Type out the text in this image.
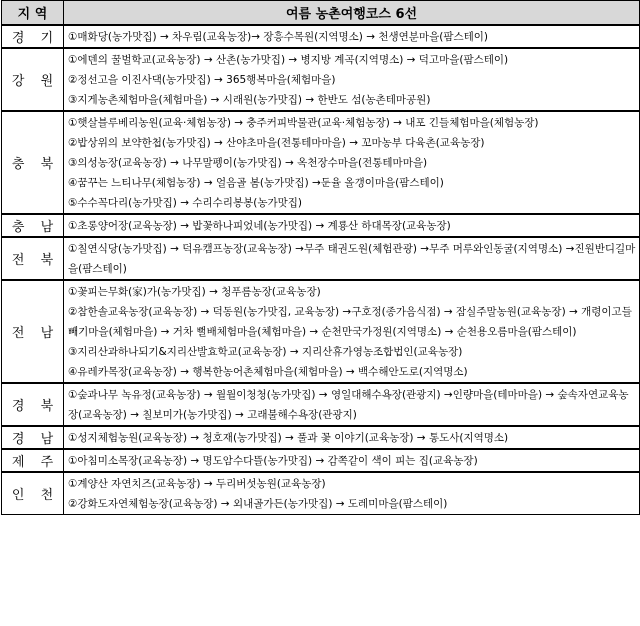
지 역	여름 농촌여행코스 6선
경 기	①매화당(농가맛집) → 차우림(교육농장)→ 장흥수목원(지역명소) → 천생연분마을(팜스테이)

강 원	①에덴의 꿀벌학교(교육농장) → 산촌(농가맛집) → 병지방 계곡(지역명소) → 덕고마을(팜스테이)
②정선고을 이진사댁(농가맛집) → 365행복마을(체험마을)
③지게농촌체험마을(체험마을) → 시래원(농가맛집) → 한반도 섬(농촌테마공원)

충 북	①햇살블루베리농원(교육·체험농장) → 충주커피박물관(교육·체험농장) → 내포 긴들체험마을(체험농장)
②밥상위의 보약한첩(농가맛집) → 산야초마을(전통테마마을) → 꼬마농부 다육촌(교육농장)
③의성농장(교육농장) → 나무말펭이(농가맛집) → 옥천장수마을(전통테마마을)
④꿈꾸는 느티나무(체험농장) → 얼음골 봄(농가맛집) →둔율 올갱이마을(팜스테이)
⑤수수꼭다리(농가맛집) → 수리수리봉봉(농가맛집)

충 남	①초롱양어장(교육농장) → 밥꽃하나피었네(농가맛집) → 계룡산 하대목장(교육농장)

전 북	①칠연식당(농가맛집) → 덕유캠프농장(교육농장) →무주 태권도원(체험관광) →무주 머루와인동굴(지역명소) →진원반디길마을(팜스테이)

전 남	①꽃피는무화(家)가(농가맛집) → 청푸름농장(교육농장)
②참한솔교육농장(교육농장) → 덕동원(농가맛집, 교육농장) →구호정(종가음식점) → 잠실주말농원(교육농장) → 개령이고들빼기마을(체험마을) → 거차 뻘배체험마을(체험마을) → 순천만국가정원(지역명소) → 순천용오름마을(팜스테이)
③지리산과하나되기&지리산발효학교(교육농장) → 지리산휴가영농조합법인(교육농장)
④유레카목장(교육농장) → 행복한농어촌체험마을(체험마을) → 백수해안도로(지역명소)

경 북	①숲과나무 녹유정(교육농장) → 월월이청청(농가맛집) → 영일대해수욕장(관광지) →인량마을(테마마을) → 숲속자연교육농장(교육농장) → 칠보미가(농가맛집) → 고래불해수욕장(관광지)

경 남	①성지체험농원(교육농장) → 청호재(농가맛집) → 풀과 꽃 이야기(교육농장) → 통도사(지역명소)

제 주	①아침미소목장(교육농장) → 명도암수다뜰(농가맛집) → 감쪽같이 색이 피는 집(교육농장)

인 천	①계양산 자연치즈(교육농장) → 두리버섯농원(교육농장)
②강화도자연체험농장(교육농장) → 외내골가든(농가맛집) → 도레미마을(팜스테이)
